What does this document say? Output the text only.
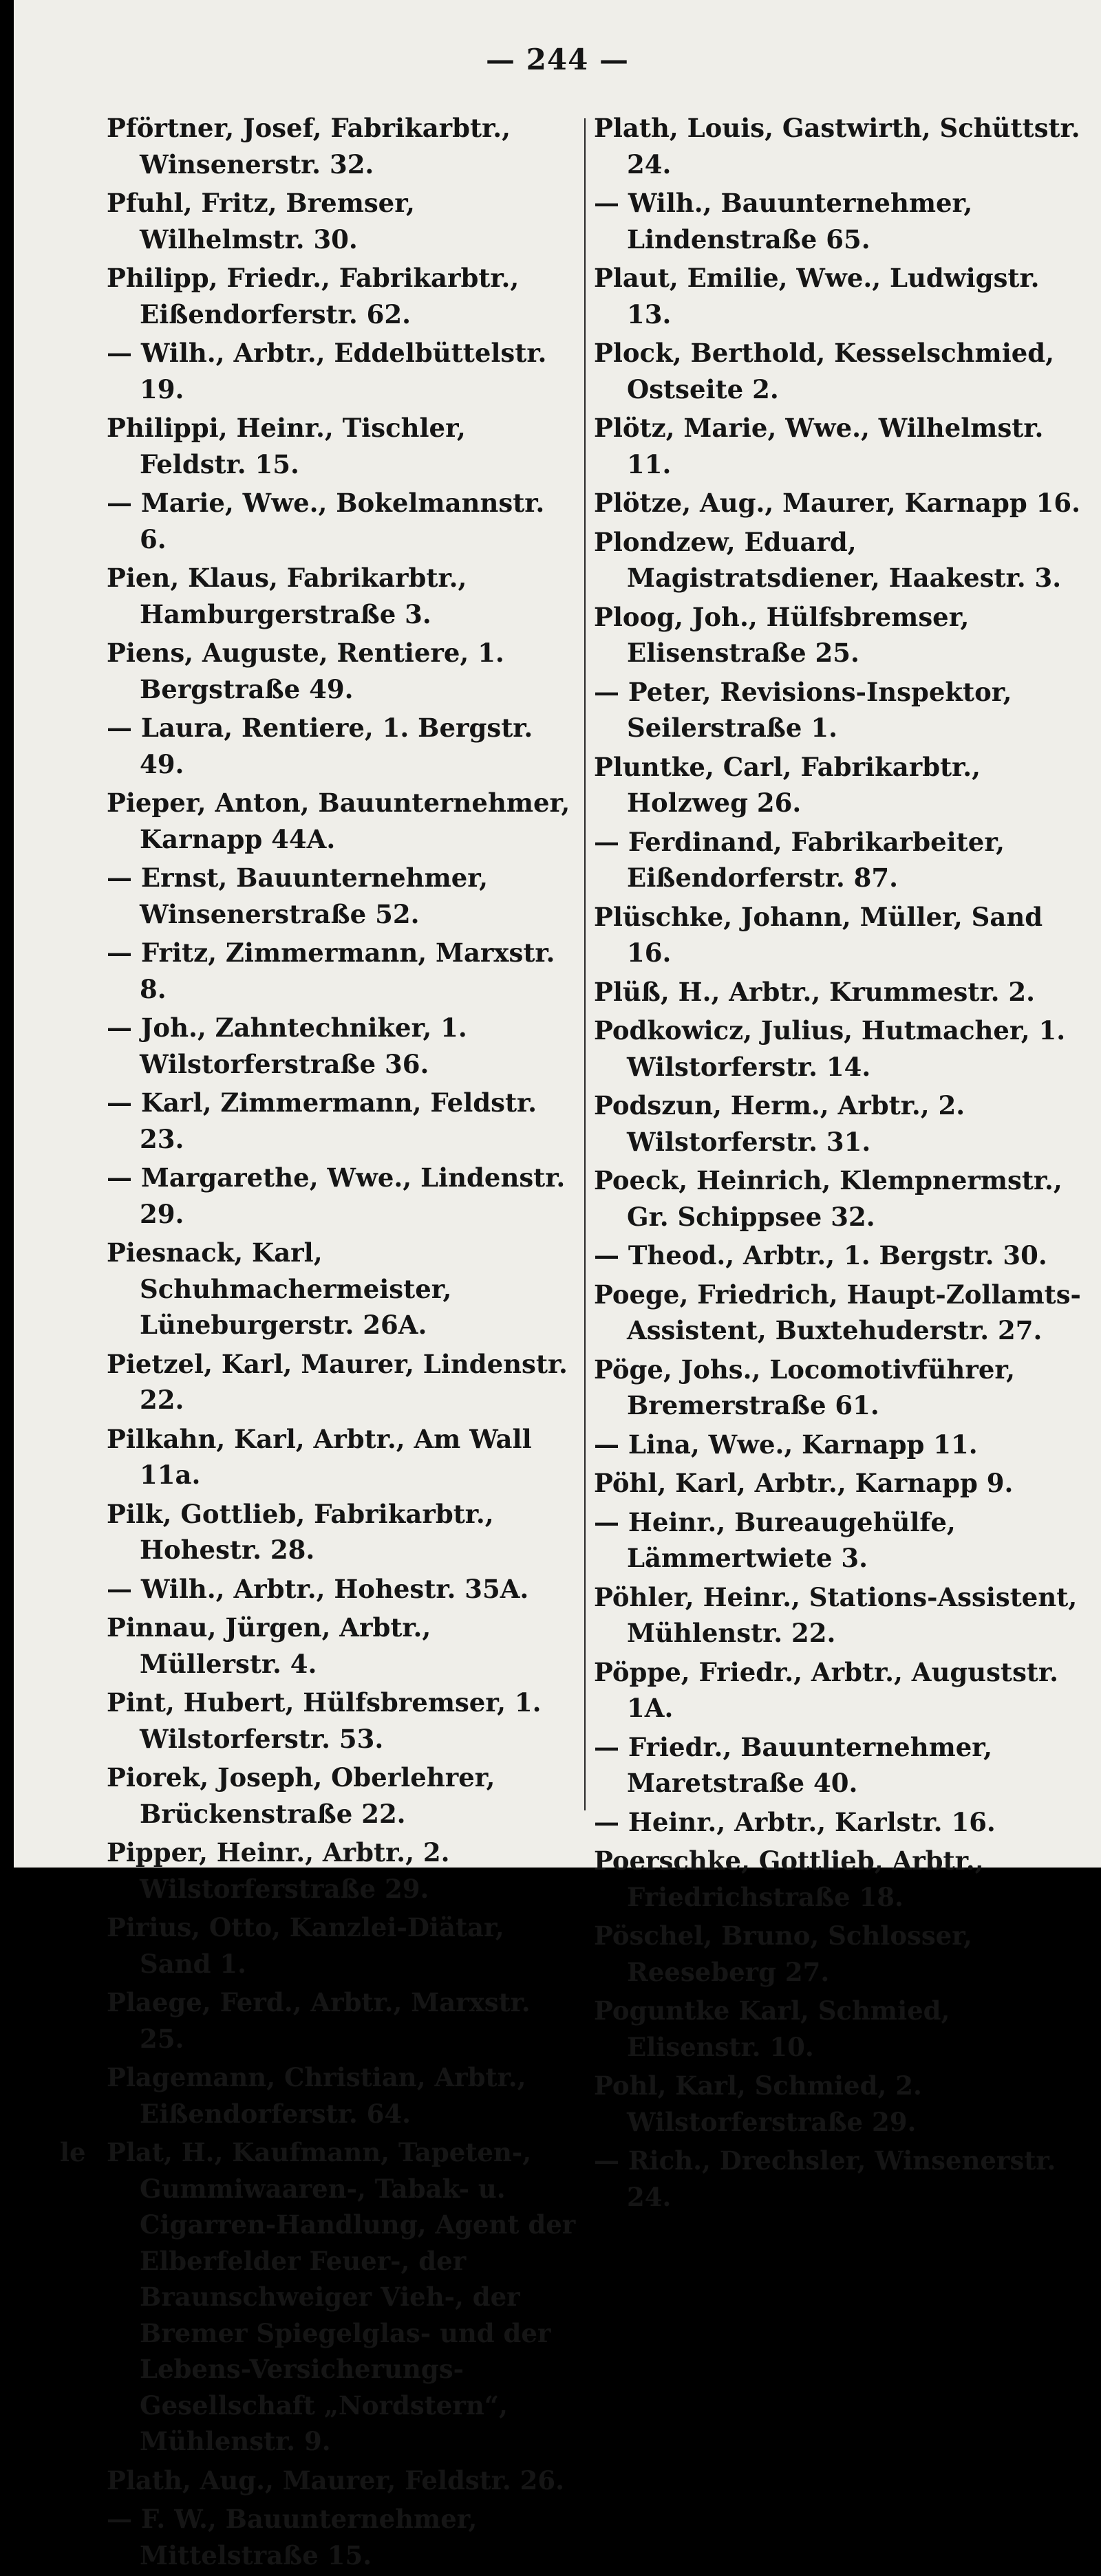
— 244 —
Pförtner, Josef, Fabrikarbtr., Winsenerstr. 32.
Pfuhl, Fritz, Bremser, Wilhelmstr. 30.
Philipp, Friedr., Fabrikarbtr., Eißendorferstr. 62.
— Wilh., Arbtr., Eddelbüttelstr. 19.
Philippi, Heinr., Tischler, Feldstr. 15.
— Marie, Wwe., Bokelmannstr. 6.
Pien, Klaus, Fabrikarbtr., Hamburgerstraße 3.
Piens, Auguste, Rentiere, 1. Bergstraße 49.
— Laura, Rentiere, 1. Bergstr. 49.
Pieper, Anton, Bauunternehmer, Karnapp 44A.
— Ernst, Bauunternehmer, Winsenerstraße 52.
— Fritz, Zimmermann, Marxstr. 8.
— Joh., Zahntechniker, 1. Wilstorferstraße 36.
— Karl, Zimmermann, Feldstr. 23.
— Margarethe, Wwe., Lindenstr. 29.
Piesnack, Karl, Schuhmachermeister, Lüneburgerstr. 26A.
Pietzel, Karl, Maurer, Lindenstr. 22.
Pilkahn, Karl, Arbtr., Am Wall 11a.
Pilk, Gottlieb, Fabrikarbtr., Hohestr. 28.
— Wilh., Arbtr., Hohestr. 35A.
Pinnau, Jürgen, Arbtr., Müllerstr. 4.
Pint, Hubert, Hülfsbremser, 1. Wilstorferstr. 53.
Piorek, Joseph, Oberlehrer, Brückenstraße 22.
Pipper, Heinr., Arbtr., 2. Wilstorferstraße 29.
Pirius, Otto, Kanzlei-Diätar, Sand 1.
Plaege, Ferd., Arbtr., Marxstr. 25.
Plagemann, Christian, Arbtr., Eißendorferstr. 64.
le Plat, H., Kaufmann, Tapeten-, Gummiwaaren-, Tabak- u. Cigarren-Handlung, Agent der Elberfelder Feuer-, der Braunschweiger Vieh-, der Bremer Spiegelglas- und der Lebens-Versicherungs-Gesellschaft „Nordstern“, Mühlenstr. 9.
Plath, Aug., Maurer, Feldstr. 26.
— F. W., Bauunternehmer, Mittelstraße 15.
Plath, Louis, Gastwirth, Schüttstr. 24.
— Wilh., Bauunternehmer, Lindenstraße 65.
Plaut, Emilie, Wwe., Ludwigstr. 13.
Plock, Berthold, Kesselschmied, Ostseite 2.
Plötz, Marie, Wwe., Wilhelmstr. 11.
Plötze, Aug., Maurer, Karnapp 16.
Plondzew, Eduard, Magistratsdiener, Haakestr. 3.
Ploog, Joh., Hülfsbremser, Elisenstraße 25.
— Peter, Revisions-Inspektor, Seilerstraße 1.
Pluntke, Carl, Fabrikarbtr., Holzweg 26.
— Ferdinand, Fabrikarbeiter, Eißendorferstr. 87.
Plüschke, Johann, Müller, Sand 16.
Plüß, H., Arbtr., Krummestr. 2.
Podkowicz, Julius, Hutmacher, 1. Wilstorferstr. 14.
Podszun, Herm., Arbtr., 2. Wilstorferstr. 31.
Poeck, Heinrich, Klempnermstr., Gr. Schippsee 32.
— Theod., Arbtr., 1. Bergstr. 30.
Poege, Friedrich, Haupt-Zollamts-Assistent, Buxtehuderstr. 27.
Pöge, Johs., Locomotivführer, Bremerstraße 61.
— Lina, Wwe., Karnapp 11.
Pöhl, Karl, Arbtr., Karnapp 9.
— Heinr., Bureaugehülfe, Lämmertwiete 3.
Pöhler, Heinr., Stations-Assistent, Mühlenstr. 22.
Pöppe, Friedr., Arbtr., Auguststr. 1A.
— Friedr., Bauunternehmer, Maretstraße 40.
— Heinr., Arbtr., Karlstr. 16.
Poerschke, Gottlieb, Arbtr., Friedrichstraße 18.
Pöschel, Bruno, Schlosser, Reeseberg 27.
Poguntke Karl, Schmied, Elisenstr. 10.
Pohl, Karl, Schmied, 2. Wilstorferstraße 29.
— Rich., Drechsler, Winsenerstr. 24.
